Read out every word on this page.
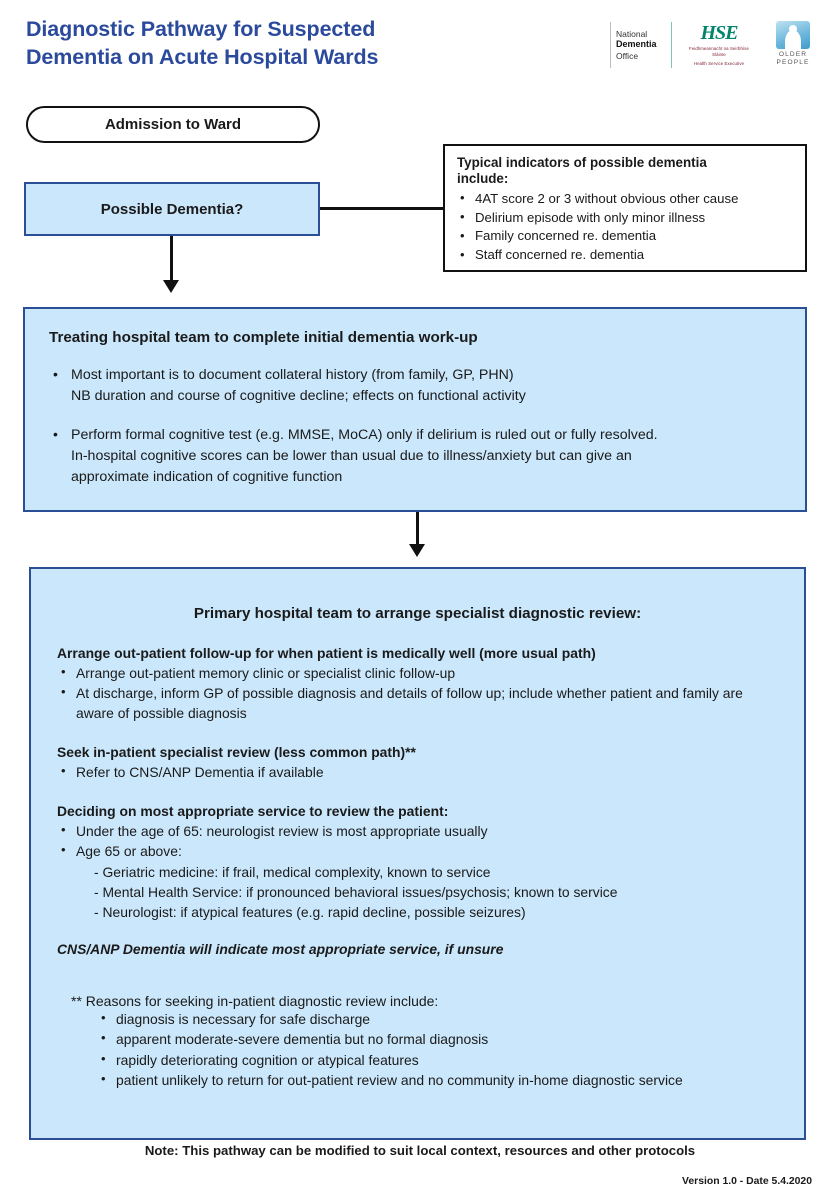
Diagnostic Pathway for Suspected
Dementia on Acute Hospital Wards
National
Dementia
Office
HSE
Feidhmeannacht na Seirbhíse Sláinte
Health Service Executive
OLDER
PEOPLE
Admission to Ward
Possible Dementia?
Typical indicators of possible dementia
include:
• 4AT score 2 or 3 without obvious other cause
• Delirium episode with only minor illness
• Family concerned re. dementia
• Staff concerned re. dementia
Treating hospital team to complete initial dementia work-up
• Most important is to document collateral history (from family, GP, PHN)
NB duration and course of cognitive decline; effects on functional activity
• Perform formal cognitive test (e.g. MMSE, MoCA) only if delirium is ruled out or fully resolved.
In-hospital cognitive scores can be lower than usual due to illness/anxiety but can give an
approximate indication of cognitive function
Primary hospital team to arrange specialist diagnostic review:
Arrange out-patient follow-up for when patient is medically well (more usual path)
• Arrange out-patient memory clinic or specialist clinic follow-up
• At discharge, inform GP of possible diagnosis and details of follow up; include whether patient and family are aware of possible diagnosis
Seek in-patient specialist review (less common path)**
• Refer to CNS/ANP Dementia if available
Deciding on most appropriate service to review the patient:
• Under the age of 65: neurologist review is most appropriate usually
• Age 65 or above:
- Geriatric medicine: if frail, medical complexity, known to service
- Mental Health Service: if pronounced behavioral issues/psychosis; known to service
- Neurologist: if atypical features (e.g. rapid decline, possible seizures)
CNS/ANP Dementia will indicate most appropriate service, if unsure
** Reasons for seeking in-patient diagnostic review include:
• diagnosis is necessary for safe discharge
• apparent moderate-severe dementia but no formal diagnosis
• rapidly deteriorating cognition or atypical features
• patient unlikely to return for out-patient review and no community in-home diagnostic service
Note: This pathway can be modified to suit local context, resources and other protocols
Version 1.0 - Date 5.4.2020
